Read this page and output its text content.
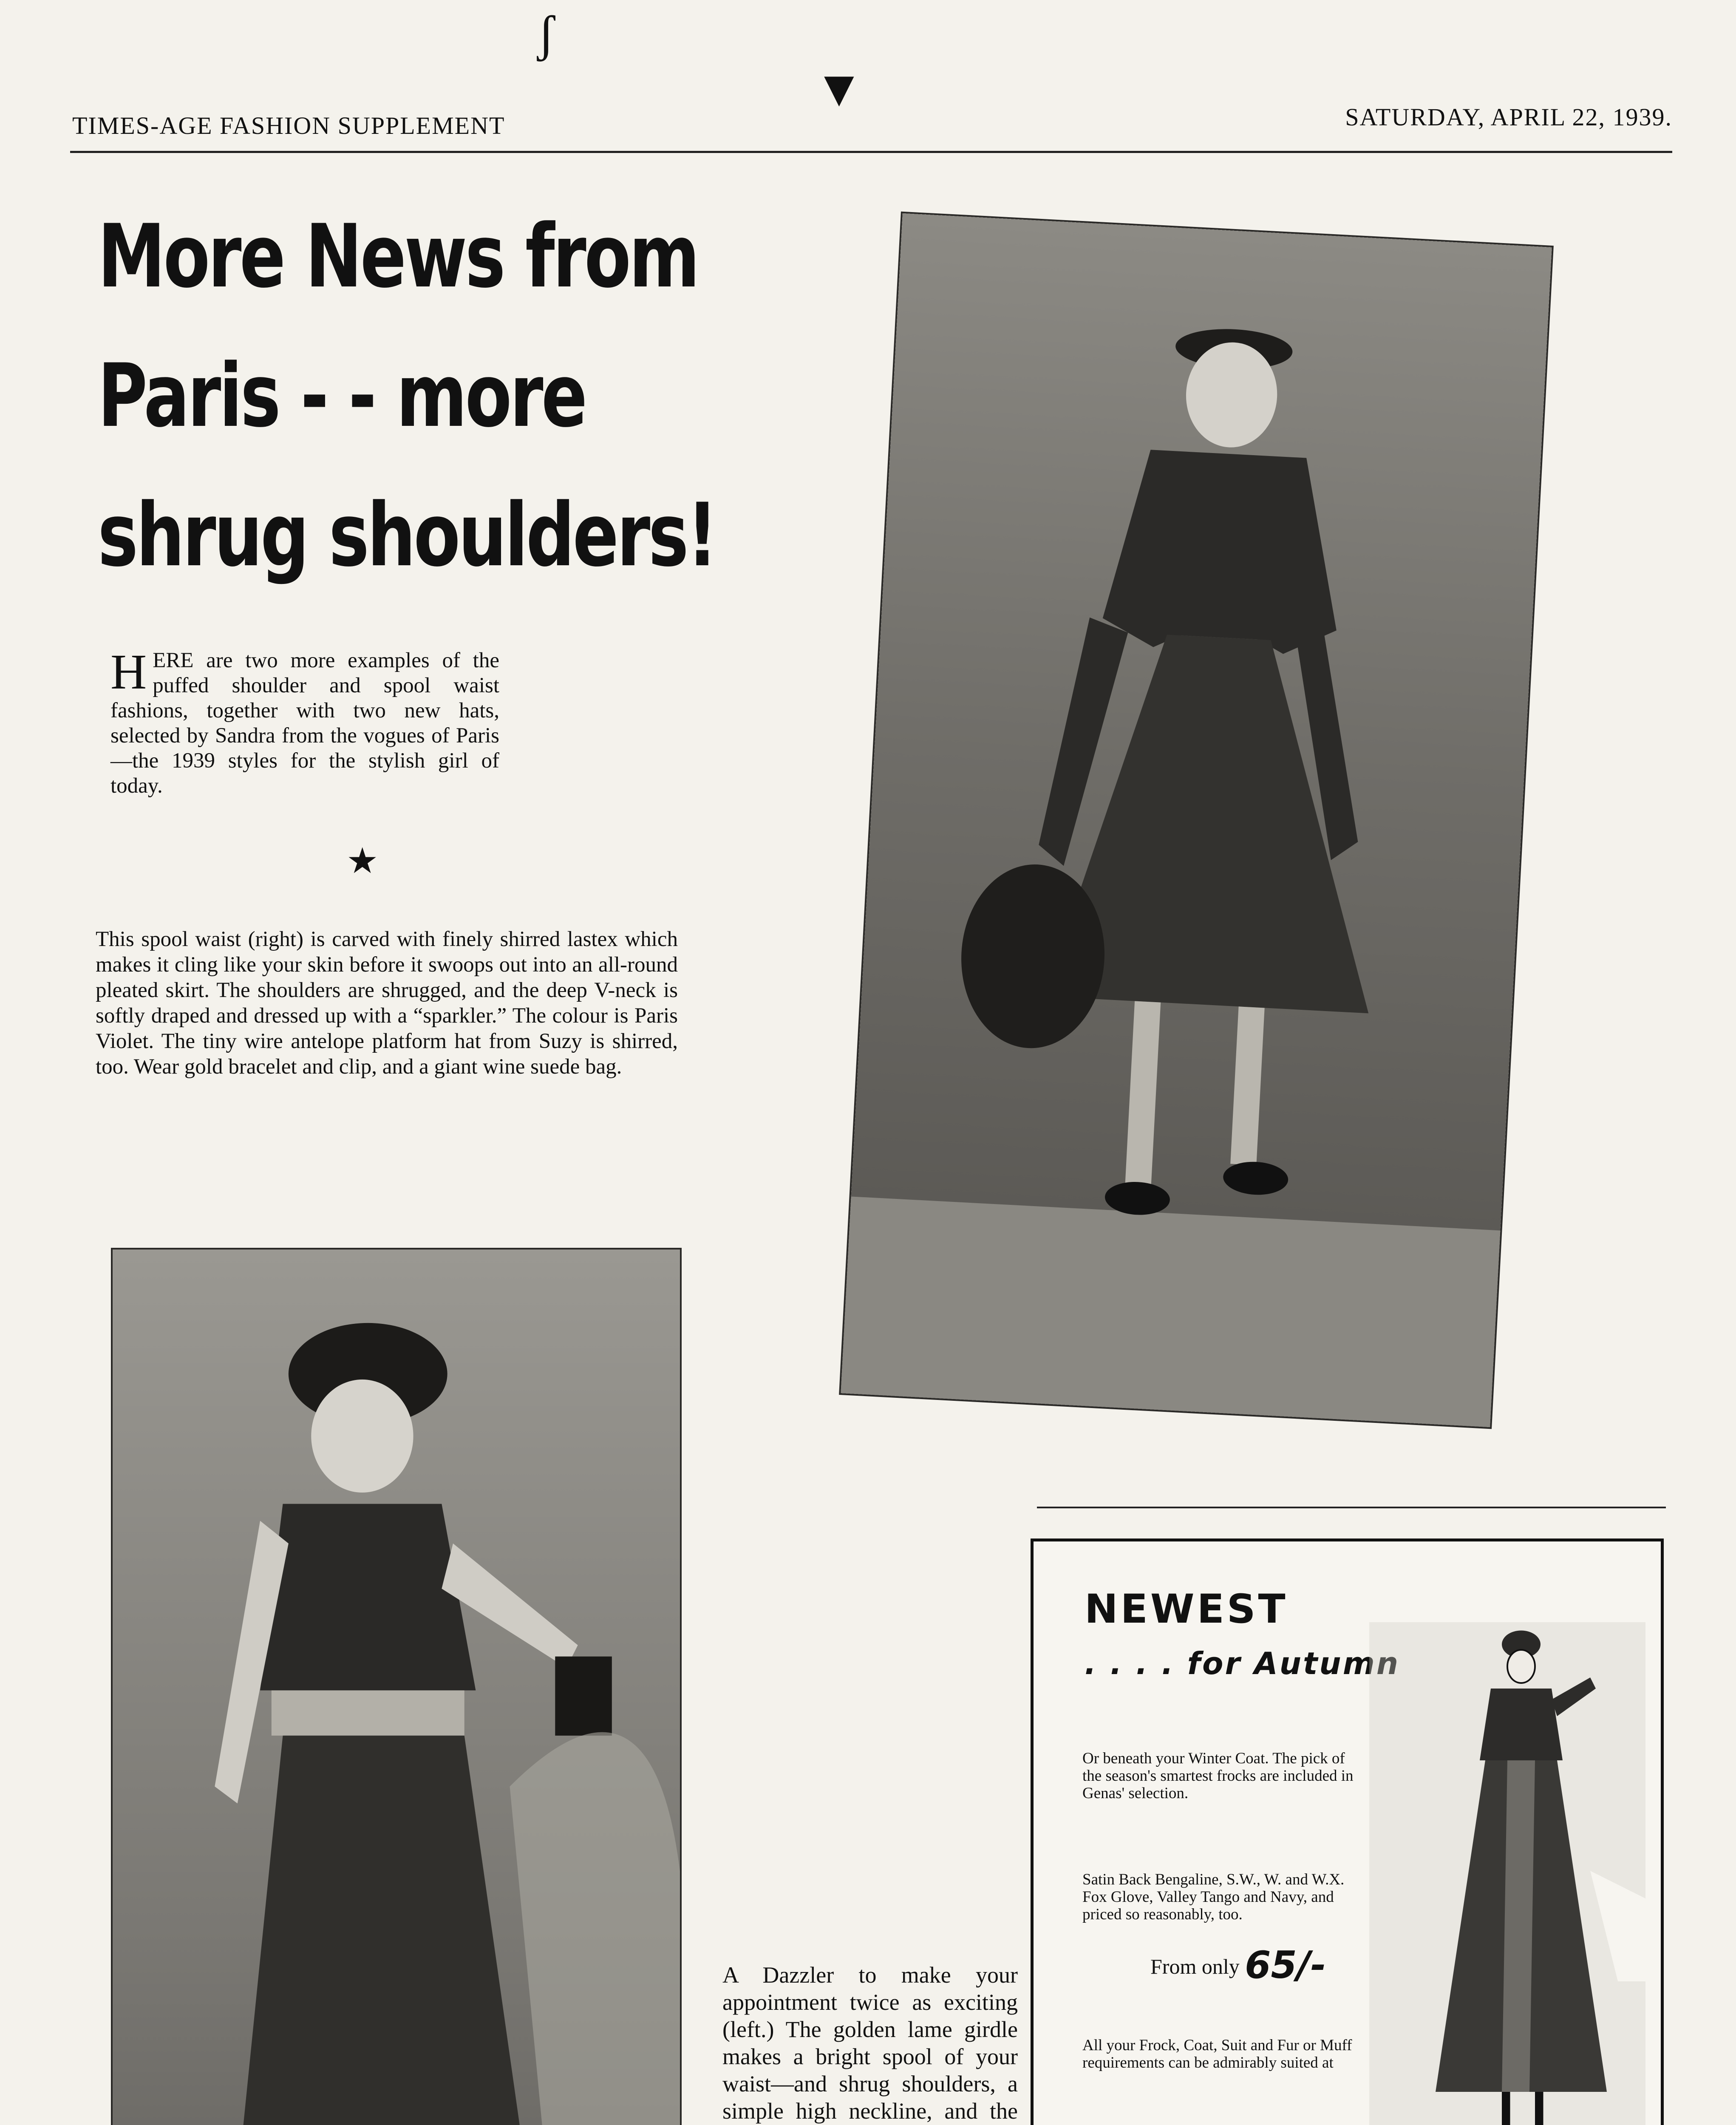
ʃ
▼
TIMES-AGE FASHION SUPPLEMENT	SATURDAY, APRIL 22, 1939.
More News from
Paris - - more
shrug shoulders!
H ERE are two more examples of the puffed shoulder and spool waist fashions, together with two new hats, selected by Sandra from the vogues of Paris—the 1939 styles for the stylish girl of today.
★
This spool waist (right) is carved with finely shirred lastex which makes it cling like your skin before it swoops out into an all-round pleated skirt. The shoulders are shrugged, and the deep V-neck is softly draped and dressed up with a “sparkler.” The colour is Paris Violet. The tiny wire antelope platform hat from Suzy is shirred, too. Wear gold bracelet and clip, and a giant wine suede bag.
A Dazzler to make your appointment twice as exciting (left.) The golden lame girdle makes a bright spool of your waist—and shrug shoulders, a simple high neckline, and the
NEWEST
. . . . for Autumn
Or beneath your Winter Coat. The pick of the season's smartest frocks are included in Genas' selection.
Satin Back Bengaline, S.W., W. and W.X. Fox Glove, Valley Tango and Navy, and priced so reasonably, too.
From only 65/-
All your Frock, Coat, Suit and Fur or Muff requirements can be admirably suited at
